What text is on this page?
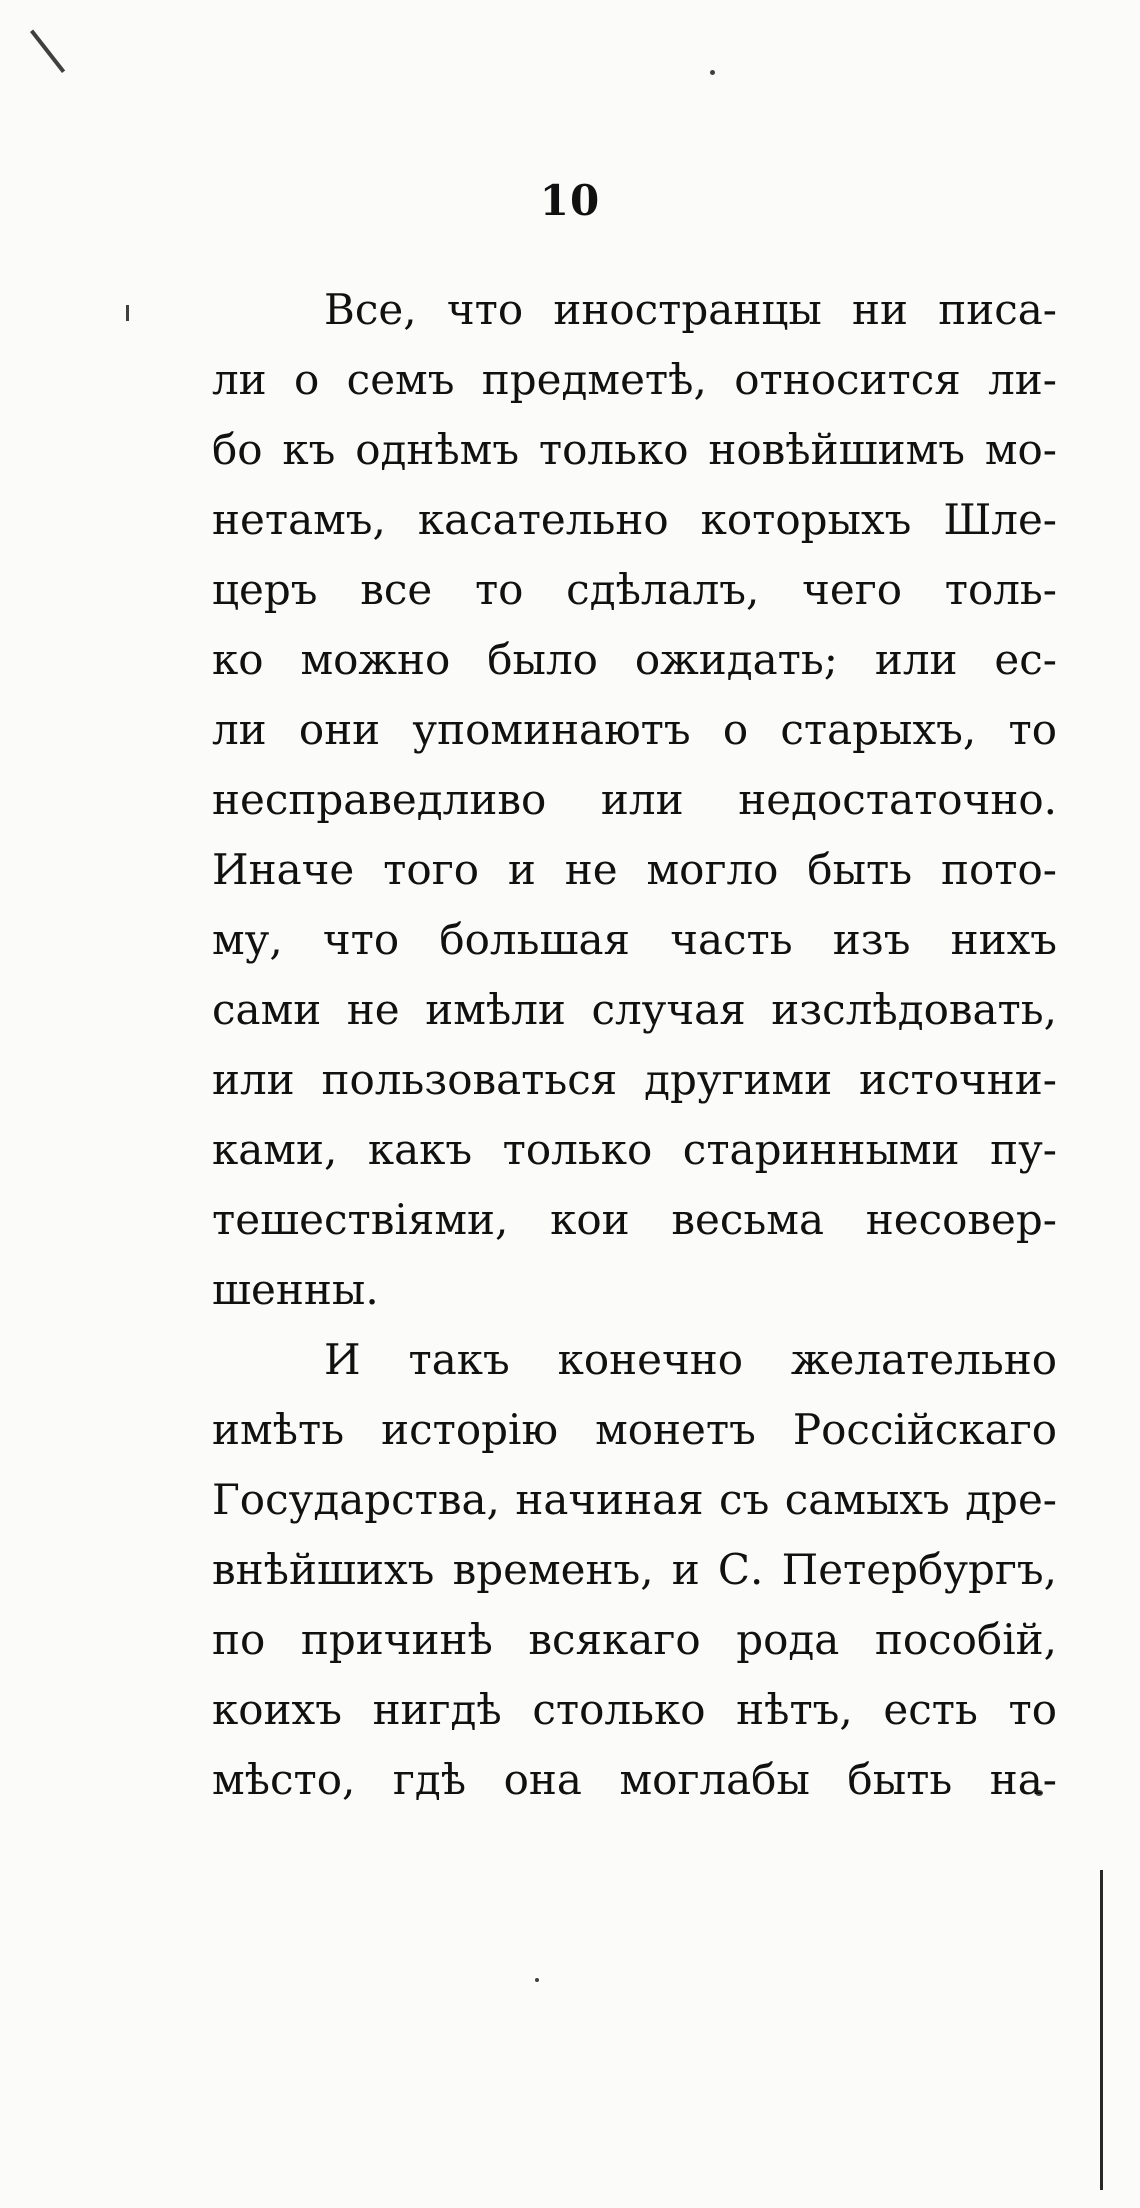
10
Все, что иностранцы ни писа-
ли о семъ предметѣ, относится ли-
бо къ однѣмъ только новѣйшимъ мо-
нетамъ, касательно которыхъ Шле-
церъ все то сдѣлалъ, чего толь-
ко можно было ожидать; или ес-
ли они упоминаютъ о старыхъ, то
несправедливо или недостаточно.
Иначе того и не могло быть пото-
му, что большая часть изъ нихъ
сами не имѣли случая изслѣдовать,
или пользоваться другими источни-
ками, какъ только старинными пу-
тешествiями, кои весьма несовер-
шенны.
И такъ конечно желательно
имѣть исторiю монетъ Россiйскаго
Государства, начиная съ самыхъ дре-
внѣйшихъ временъ, и С. Петербургъ,
по причинѣ всякаго рода пособiй,
коихъ нигдѣ столько нѣтъ, есть то
мѣсто, гдѣ она моглабы быть на-
